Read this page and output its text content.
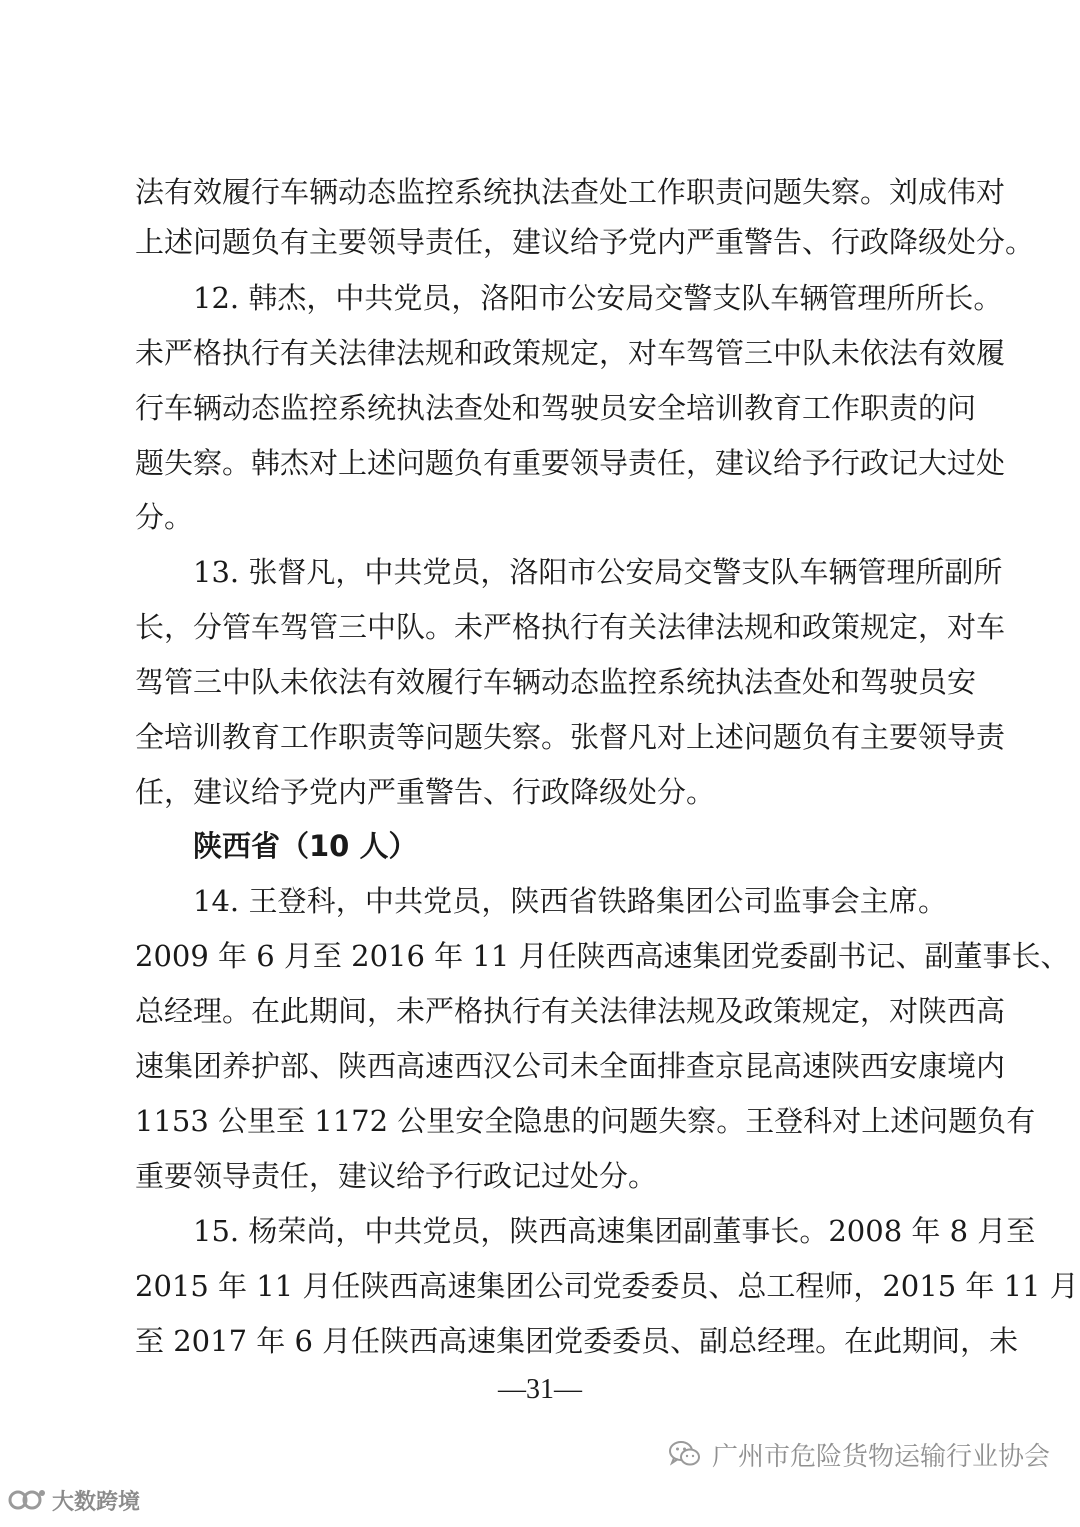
法有效履行车辆动态监控系统执法查处工作职责问题失察。刘成伟对
上述问题负有主要领导责任，建议给予党内严重警告、行政降级处分。
12. 韩杰，中共党员，洛阳市公安局交警支队车辆管理所所长。
未严格执行有关法律法规和政策规定，对车驾管三中队未依法有效履
行车辆动态监控系统执法查处和驾驶员安全培训教育工作职责的问
题失察。韩杰对上述问题负有重要领导责任，建议给予行政记大过处
分。
13. 张督凡，中共党员，洛阳市公安局交警支队车辆管理所副所
长，分管车驾管三中队。未严格执行有关法律法规和政策规定，对车
驾管三中队未依法有效履行车辆动态监控系统执法查处和驾驶员安
全培训教育工作职责等问题失察。张督凡对上述问题负有主要领导责
任，建议给予党内严重警告、行政降级处分。
陕西省（10 人）
14. 王登科，中共党员，陕西省铁路集团公司监事会主席。
2009 年 6 月至 2016 年 11 月任陕西高速集团党委副书记、副董事长、
总经理。在此期间，未严格执行有关法律法规及政策规定，对陕西高
速集团养护部、陕西高速西汉公司未全面排查京昆高速陕西安康境内
1153 公里至 1172 公里安全隐患的问题失察。王登科对上述问题负有
重要领导责任，建议给予行政记过处分。
15. 杨荣尚，中共党员，陕西高速集团副董事长。2008 年 8 月至
2015 年 11 月任陕西高速集团公司党委委员、总工程师，2015 年 11 月
至 2017 年 6 月任陕西高速集团党委委员、副总经理。在此期间，未
—31—
广州市危险货物运输行业协会
大数跨境
